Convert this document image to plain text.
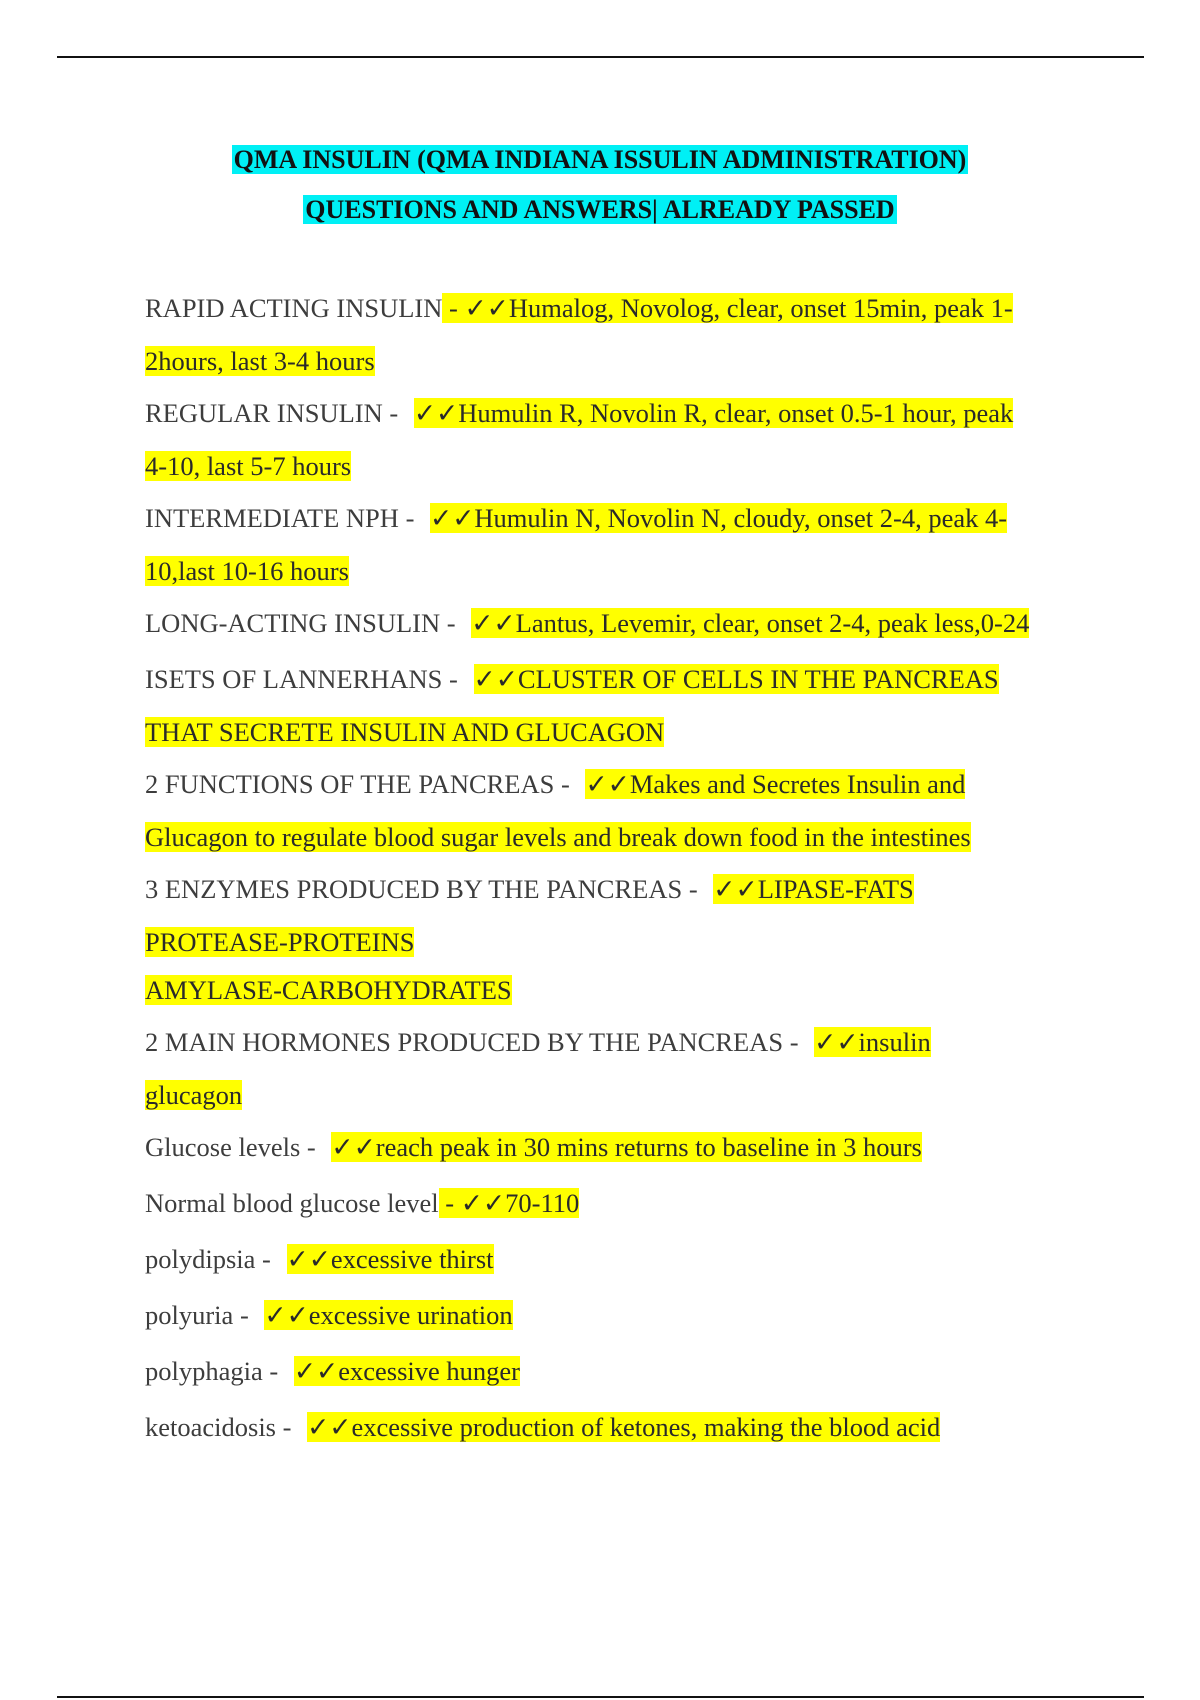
QMA INSULIN (QMA INDIANA ISSULIN ADMINISTRATION)
QUESTIONS AND ANSWERS| ALREADY PASSED
RAPID ACTING INSULIN - ✓✓Humalog, Novolog, clear, onset 15min, peak 1-
2hours, last 3-4 hours
REGULAR INSULIN - ✓✓Humulin R, Novolin R, clear, onset 0.5-1 hour, peak
4-10, last 5-7 hours
INTERMEDIATE NPH - ✓✓Humulin N, Novolin N, cloudy, onset 2-4, peak 4-
10,last 10-16 hours
LONG-ACTING INSULIN - ✓✓Lantus, Levemir, clear, onset 2-4, peak less,0-24
ISETS OF LANNERHANS - ✓✓CLUSTER OF CELLS IN THE PANCREAS
THAT SECRETE INSULIN AND GLUCAGON
2 FUNCTIONS OF THE PANCREAS - ✓✓Makes and Secretes Insulin and
Glucagon to regulate blood sugar levels and break down food in the intestines
3 ENZYMES PRODUCED BY THE PANCREAS - ✓✓LIPASE-FATS
PROTEASE-PROTEINS
AMYLASE-CARBOHYDRATES
2 MAIN HORMONES PRODUCED BY THE PANCREAS - ✓✓insulin
glucagon
Glucose levels - ✓✓reach peak in 30 mins returns to baseline in 3 hours
Normal blood glucose level - ✓✓70-110
polydipsia - ✓✓excessive thirst
polyuria - ✓✓excessive urination
polyphagia - ✓✓excessive hunger
ketoacidosis - ✓✓excessive production of ketones, making the blood acid
